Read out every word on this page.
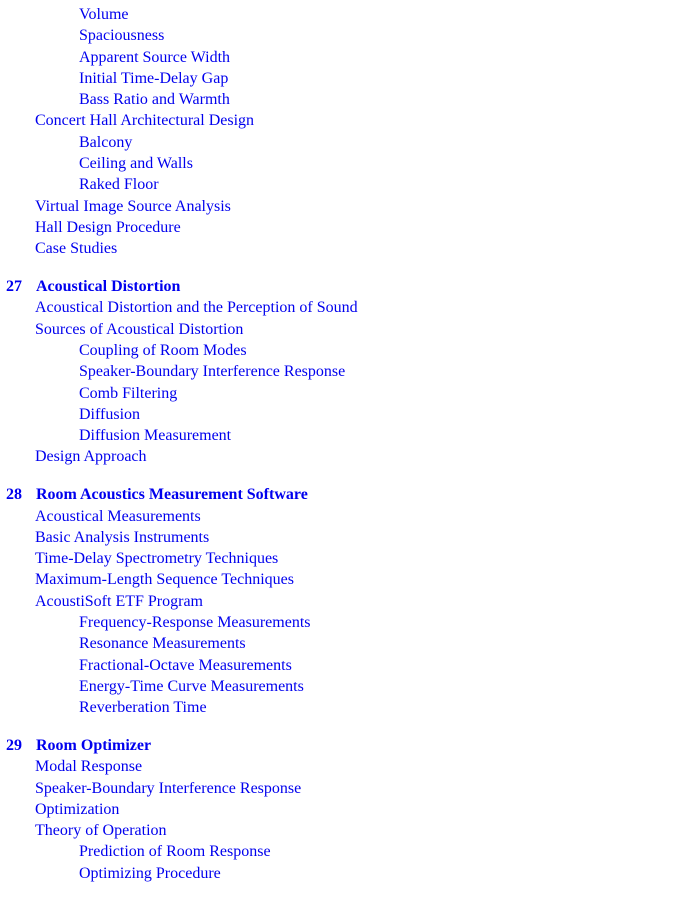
Volume
Spaciousness
Apparent Source Width
Initial Time-Delay Gap
Bass Ratio and Warmth
Concert Hall Architectural Design
Balcony
Ceiling and Walls
Raked Floor
Virtual Image Source Analysis
Hall Design Procedure
Case Studies
27 Acoustical Distortion
Acoustical Distortion and the Perception of Sound
Sources of Acoustical Distortion
Coupling of Room Modes
Speaker-Boundary Interference Response
Comb Filtering
Diffusion
Diffusion Measurement
Design Approach
28 Room Acoustics Measurement Software
Acoustical Measurements
Basic Analysis Instruments
Time-Delay Spectrometry Techniques
Maximum-Length Sequence Techniques
AcoustiSoft ETF Program
Frequency-Response Measurements
Resonance Measurements
Fractional-Octave Measurements
Energy-Time Curve Measurements
Reverberation Time
29 Room Optimizer
Modal Response
Speaker-Boundary Interference Response
Optimization
Theory of Operation
Prediction of Room Response
Optimizing Procedure
